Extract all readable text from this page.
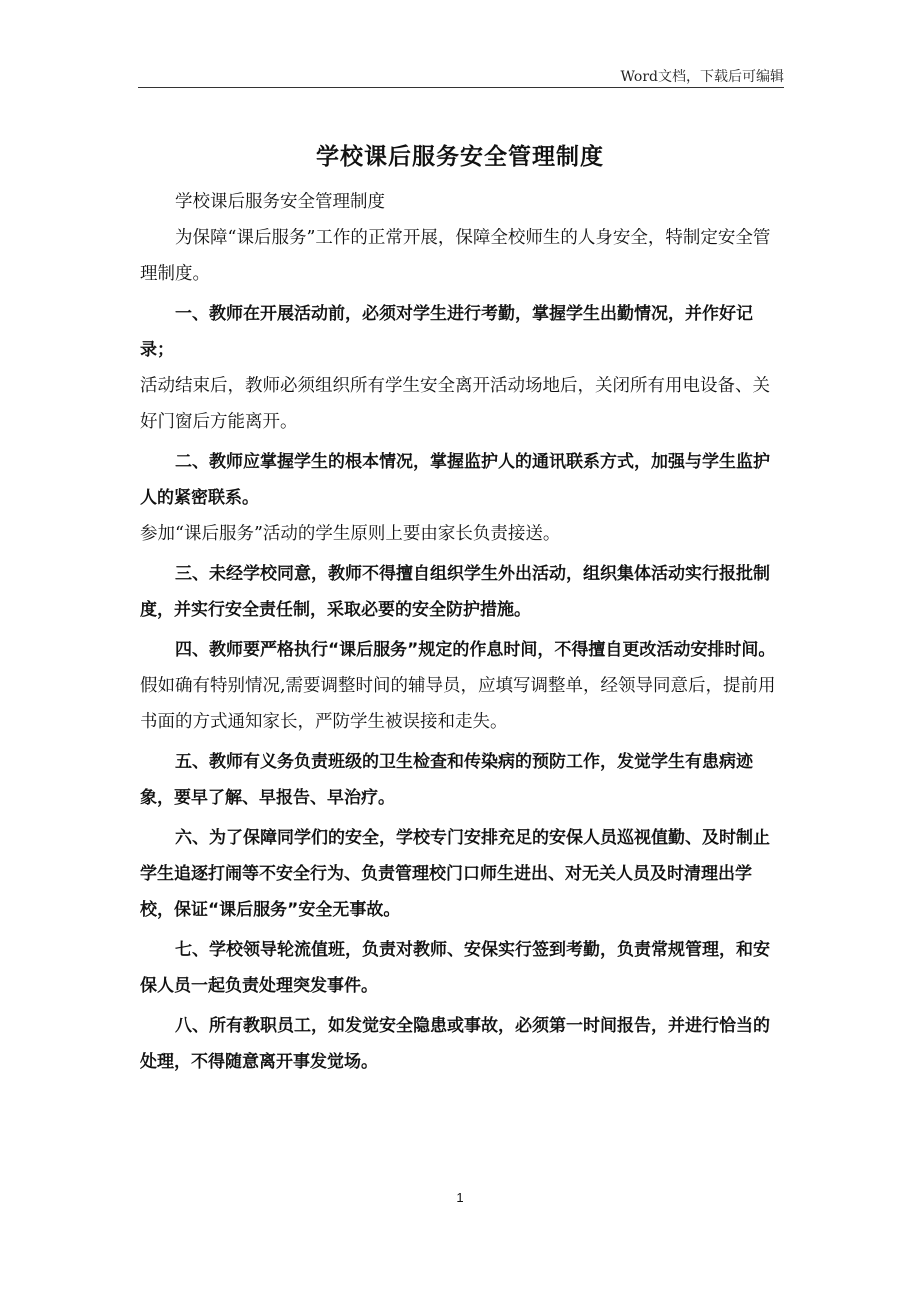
Word文档，下载后可编辑
学校课后服务安全管理制度

学校课后服务安全管理制度

为保障“课后服务”工作的正常开展，保障全校师生的人身安全，特制定安全管理制度。

一、教师在开展活动前，必须对学生进行考勤，掌握学生出勤情况，并作好记录；

活动结束后，教师必须组织所有学生安全离开活动场地后，关闭所有用电设备、关好门窗后方能离开。

二、教师应掌握学生的根本情况，掌握监护人的通讯联系方式，加强与学生监护人的紧密联系。

参加“课后服务”活动的学生原则上要由家长负责接送。

三、未经学校同意，教师不得擅自组织学生外出活动，组织集体活动实行报批制度，并实行安全责任制，采取必要的安全防护措施。

四、教师要严格执行“课后服务”规定的作息时间，不得擅自更改活动安排时间。

假如确有特别情况,需要调整时间的辅导员，应填写调整单，经领导同意后，提前用书面的方式通知家长，严防学生被误接和走失。

五、教师有义务负责班级的卫生检查和传染病的预防工作，发觉学生有患病迹象，要早了解、早报告、早治疗。

六、为了保障同学们的安全，学校专门安排充足的安保人员巡视值勤、及时制止学生追逐打闹等不安全行为、负责管理校门口师生进出、对无关人员及时清理出学校，保证“课后服务”安全无事故。

七、学校领导轮流值班，负责对教师、安保实行签到考勤，负责常规管理，和安保人员一起负责处理突发事件。

八、所有教职员工，如发觉安全隐患或事故，必须第一时间报告，并进行恰当的处理，不得随意离开事发觉场。

1
